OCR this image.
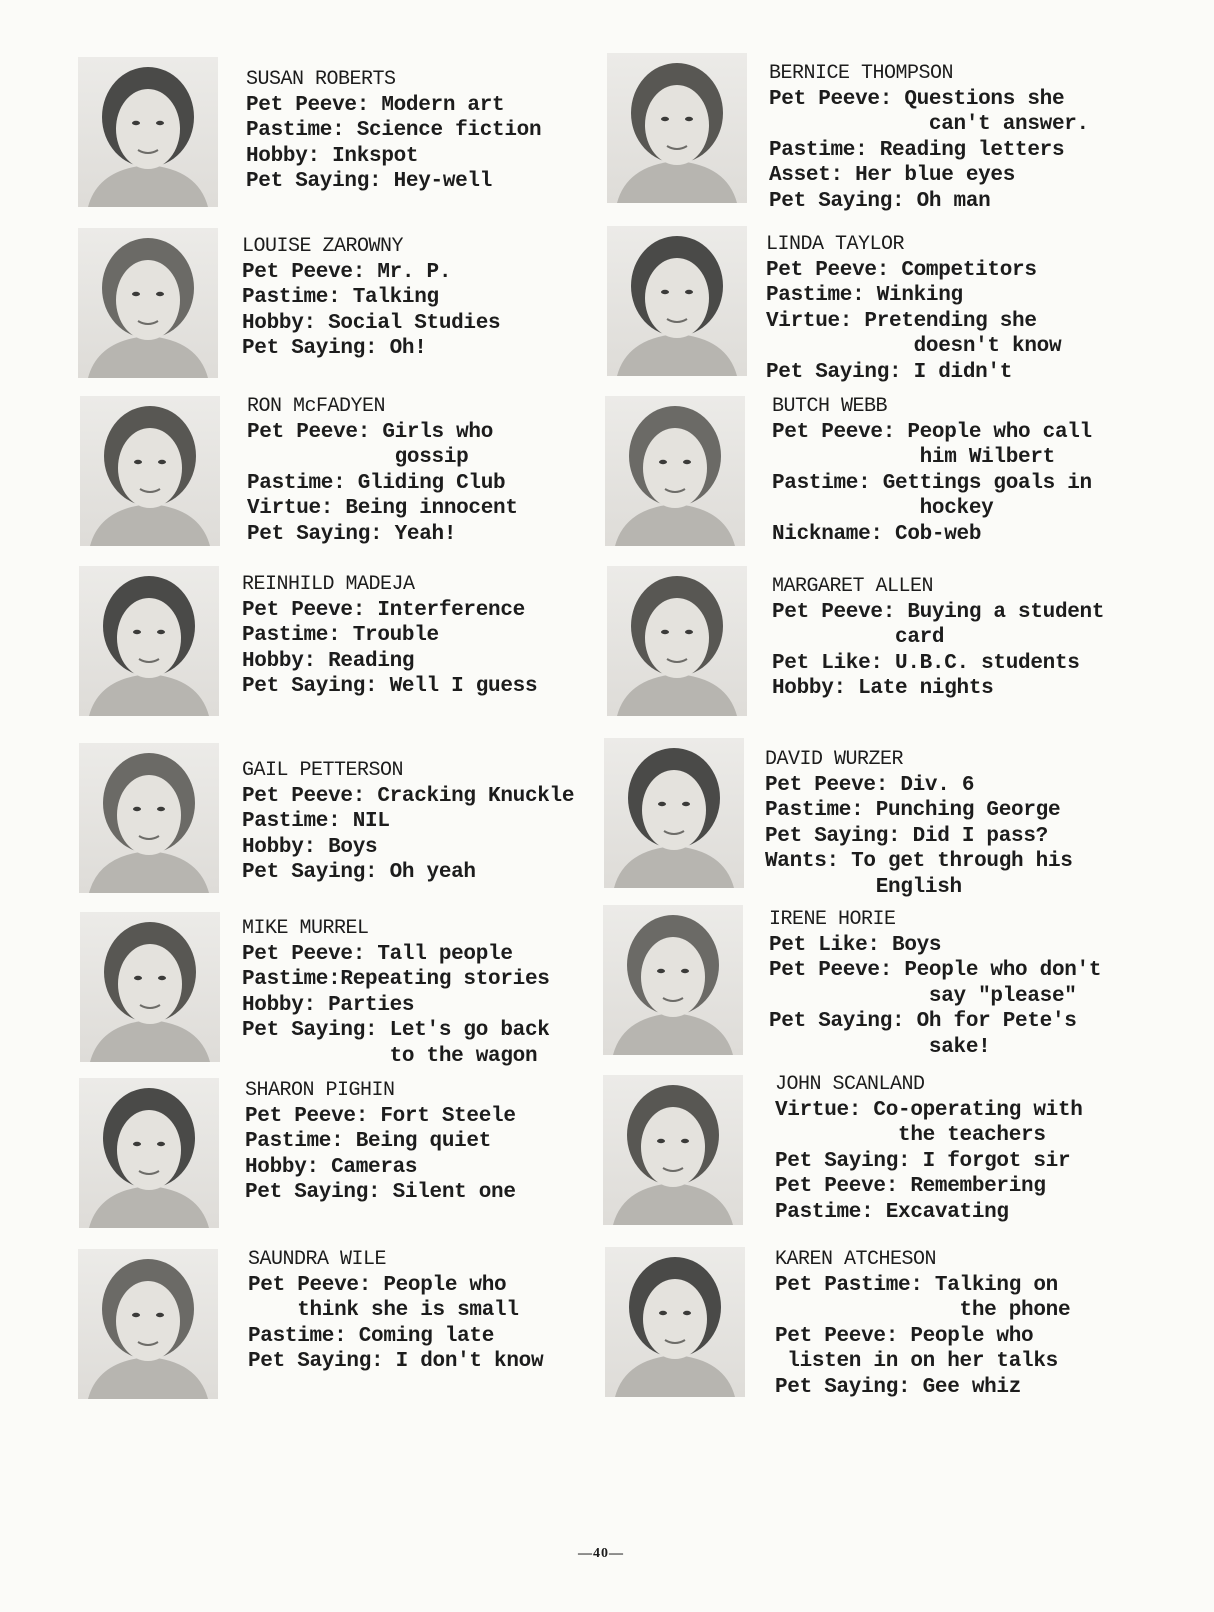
SUSAN ROBERTS
Pet Peeve: Modern art
Pastime: Science fiction
Hobby: Inkspot
Pet Saying: Hey-well
LOUISE ZAROWNY
Pet Peeve: Mr. P.
Pastime: Talking
Hobby: Social Studies
Pet Saying: Oh!
RON McFADYEN
Pet Peeve: Girls who
gossip
Pastime: Gliding Club
Virtue: Being innocent
Pet Saying: Yeah!
REINHILD MADEJA
Pet Peeve: Interference
Pastime: Trouble
Hobby: Reading
Pet Saying: Well I guess
GAIL PETTERSON
Pet Peeve: Cracking Knuckle
Pastime: NIL
Hobby: Boys
Pet Saying: Oh yeah
MIKE MURREL
Pet Peeve: Tall people
Pastime:Repeating stories
Hobby: Parties
Pet Saying: Let's go back
to the wagon
SHARON PIGHIN
Pet Peeve: Fort Steele
Pastime: Being quiet
Hobby: Cameras
Pet Saying: Silent one
SAUNDRA WILE
Pet Peeve: People who
think she is small
Pastime: Coming late
Pet Saying: I don't know
BERNICE THOMPSON
Pet Peeve: Questions she
can't answer.
Pastime: Reading letters
Asset: Her blue eyes
Pet Saying: Oh man
LINDA TAYLOR
Pet Peeve: Competitors
Pastime: Winking
Virtue: Pretending she
doesn't know
Pet Saying: I didn't
BUTCH WEBB
Pet Peeve: People who call
him Wilbert
Pastime: Gettings goals in
hockey
Nickname: Cob-web
MARGARET ALLEN
Pet Peeve: Buying a student
card
Pet Like: U.B.C. students
Hobby: Late nights
DAVID WURZER
Pet Peeve: Div. 6
Pastime: Punching George
Pet Saying: Did I pass?
Wants: To get through his
English
IRENE HORIE
Pet Like: Boys
Pet Peeve: People who don't
say "please"
Pet Saying: Oh for Pete's
sake!
JOHN SCANLAND
Virtue: Co-operating with
the teachers
Pet Saying: I forgot sir
Pet Peeve: Remembering
Pastime: Excavating
KAREN ATCHESON
Pet Pastime: Talking on
the phone
Pet Peeve: People who
listen in on her talks
Pet Saying: Gee whiz
—40—
